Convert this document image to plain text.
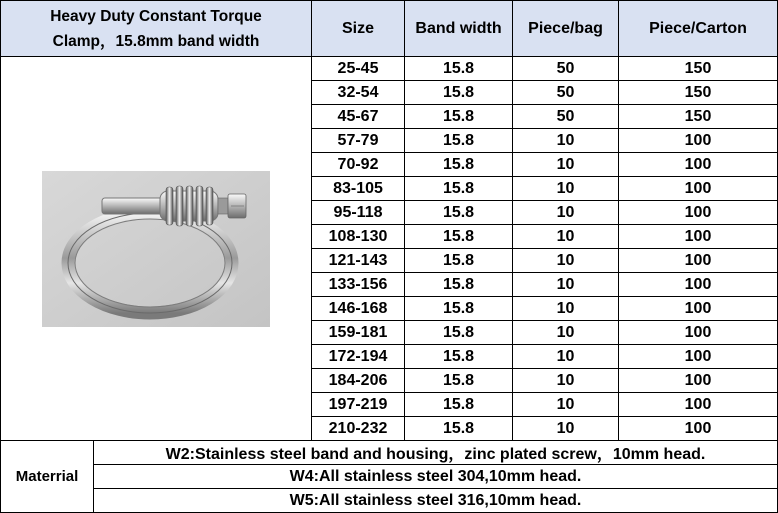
Heavy Duty Constant Torque
Clamp，15.8mm band width		Size	Band width	Piece/bag	Piece/Carton

	25-45	15.8	50	150
		32-54	15.8	50	150
		45-67	15.8	50	150
		57-79	15.8	10	100
		70-92	15.8	10	100
		83-105	15.8	10	100
		95-118	15.8	10	100
		108-130	15.8	10	100
		121-143	15.8	10	100
		133-156	15.8	10	100
		146-168	15.8	10	100
		159-181	15.8	10	100
		172-194	15.8	10	100
		184-206	15.8	10	100
		197-219	15.8	10	100
		210-232	15.8	10	100
Materrial	W2:Stainless steel band and housing，zinc plated screw，10mm head.				
	W4:All stainless steel 304,10mm head.				
	W5:All stainless steel 316,10mm head.				
